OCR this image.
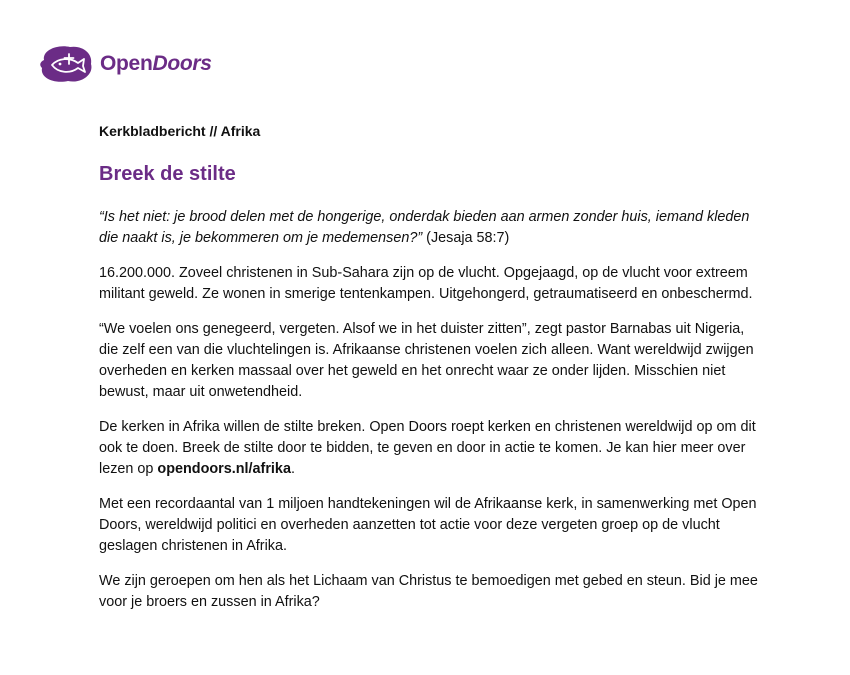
OpenDoors
Kerkbladbericht // Afrika
Breek de stilte

“Is het niet: je brood delen met de hongerige, onderdak bieden aan armen zonder huis, iemand kleden die naakt is, je bekommeren om je medemensen?” (Jesaja 58:7)

16.200.000. Zoveel christenen in Sub-Sahara zijn op de vlucht. Opgejaagd, op de vlucht voor extreem militant geweld. Ze wonen in smerige tentenkampen. Uitgehongerd, getraumatiseerd en onbeschermd.

“We voelen ons genegeerd, vergeten. Alsof we in het duister zitten”, zegt pastor Barnabas uit Nigeria, die zelf een van die vluchtelingen is. Afrikaanse christenen voelen zich alleen. Want wereldwijd zwijgen overheden en kerken massaal over het geweld en het onrecht waar ze onder lijden. Misschien niet bewust, maar uit onwetendheid.

De kerken in Afrika willen de stilte breken. Open Doors roept kerken en christenen wereldwijd op om dit ook te doen. Breek de stilte door te bidden, te geven en door in actie te komen. Je kan hier meer over lezen op opendoors.nl/afrika.

Met een recordaantal van 1 miljoen handtekeningen wil de Afrikaanse kerk, in samenwerking met Open Doors, wereldwijd politici en overheden aanzetten tot actie voor deze vergeten groep op de vlucht geslagen christenen in Afrika.

We zijn geroepen om hen als het Lichaam van Christus te bemoedigen met gebed en steun. Bid je mee voor je broers en zussen in Afrika?
